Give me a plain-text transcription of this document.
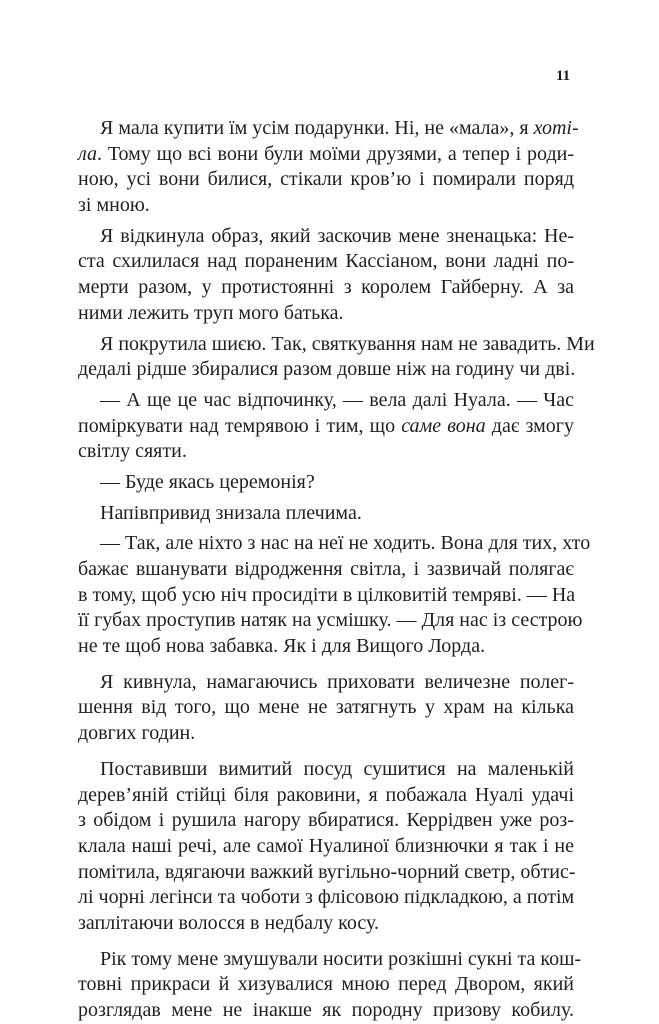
11
Я мала купити їм усім подарунки. Ні, не «мала», я хоті-
ла. Тому що всі вони були моїми друзями, а тепер і роди-
ною, усі вони билися, стікали кров’ю і помирали поряд
зі мною.
Я відкинула образ, який заскочив мене зненацька: Не-
ста схилилася над пораненим Кассіаном, вони ладні по-
мерти разом, у протистоянні з королем Гайберну. А за
ними лежить труп мого батька.
Я покрутила шиєю. Так, святкування нам не завадить. Ми
дедалі рідше збиралися разом довше ніж на годину чи дві.
— А ще це час відпочинку, — вела далі Нуала. — Час
поміркувати над темрявою і тим, що саме вона дає змогу
світлу сяяти.
— Буде якась церемонія?
Напівпривид знизала плечима.
— Так, але ніхто з нас на неї не ходить. Вона для тих, хто
бажає вшанувати відродження світла, і зазвичай полягає
в тому, щоб усю ніч просидіти в цілковитій темряві. — На
її губах проступив натяк на усмішку. — Для нас із сестрою
не те щоб нова забавка. Як і для Вищого Лорда.
Я кивнула, намагаючись приховати величезне полег-
шення від того, що мене не затягнуть у храм на кілька
довгих годин.
Поставивши вимитий посуд сушитися на маленькій
дерев’яній стійці біля раковини, я побажала Нуалі удачі
з обідом і рушила нагору вбиратися. Керрідвен уже роз-
клала наші речі, але самої Нуалиної близнючки я так і не
помітила, вдягаючи важкий вугільно-чорний светр, обтис-
лі чорні легінси та чоботи з флісовою підкладкою, а потім
заплітаючи волосся в недбалу косу.
Рік тому мене змушували носити розкішні сукні та кош-
товні прикраси й хизувалися мною перед Двором, який
розглядав мене не інакше як породну призову кобилу.
